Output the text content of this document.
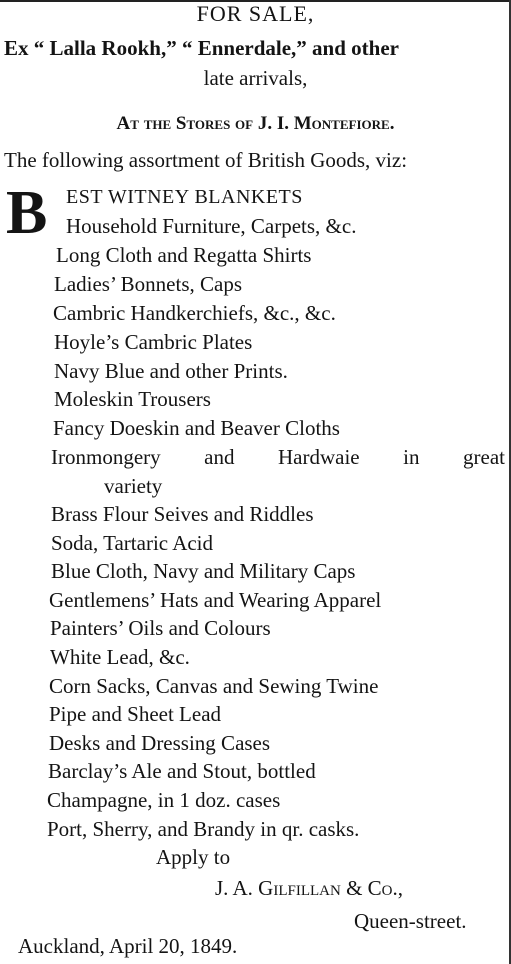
FOR SALE,
Ex “ Lalla Rookh,” “ Ennerdale,” and other
late arrivals,
At the Stores of J. I. Montefiore.
The following assortment of British Goods, viz:
B EST WITNEY BLANKETS
Household Furniture, Carpets, &c.
Long Cloth and Regatta Shirts
Ladies’ Bonnets, Caps
Cambric Handkerchiefs, &c., &c.
Hoyle’s Cambric Plates
Navy Blue and other Prints.
Moleskin Trousers
Fancy Doeskin and Beaver Cloths
Ironmongery and Hardwaie in great
variety
Brass Flour Seives and Riddles
Soda, Tartaric Acid
Blue Cloth, Navy and Military Caps
Gentlemens’ Hats and Wearing Apparel
Painters’ Oils and Colours
White Lead, &c.
Corn Sacks, Canvas and Sewing Twine
Pipe and Sheet Lead
Desks and Dressing Cases
Barclay’s Ale and Stout, bottled
Champagne, in 1 doz. cases
Port, Sherry, and Brandy in qr. casks.
Apply to
J. A. Gilfillan & Co.,
Queen-street.
Auckland, April 20, 1849.
